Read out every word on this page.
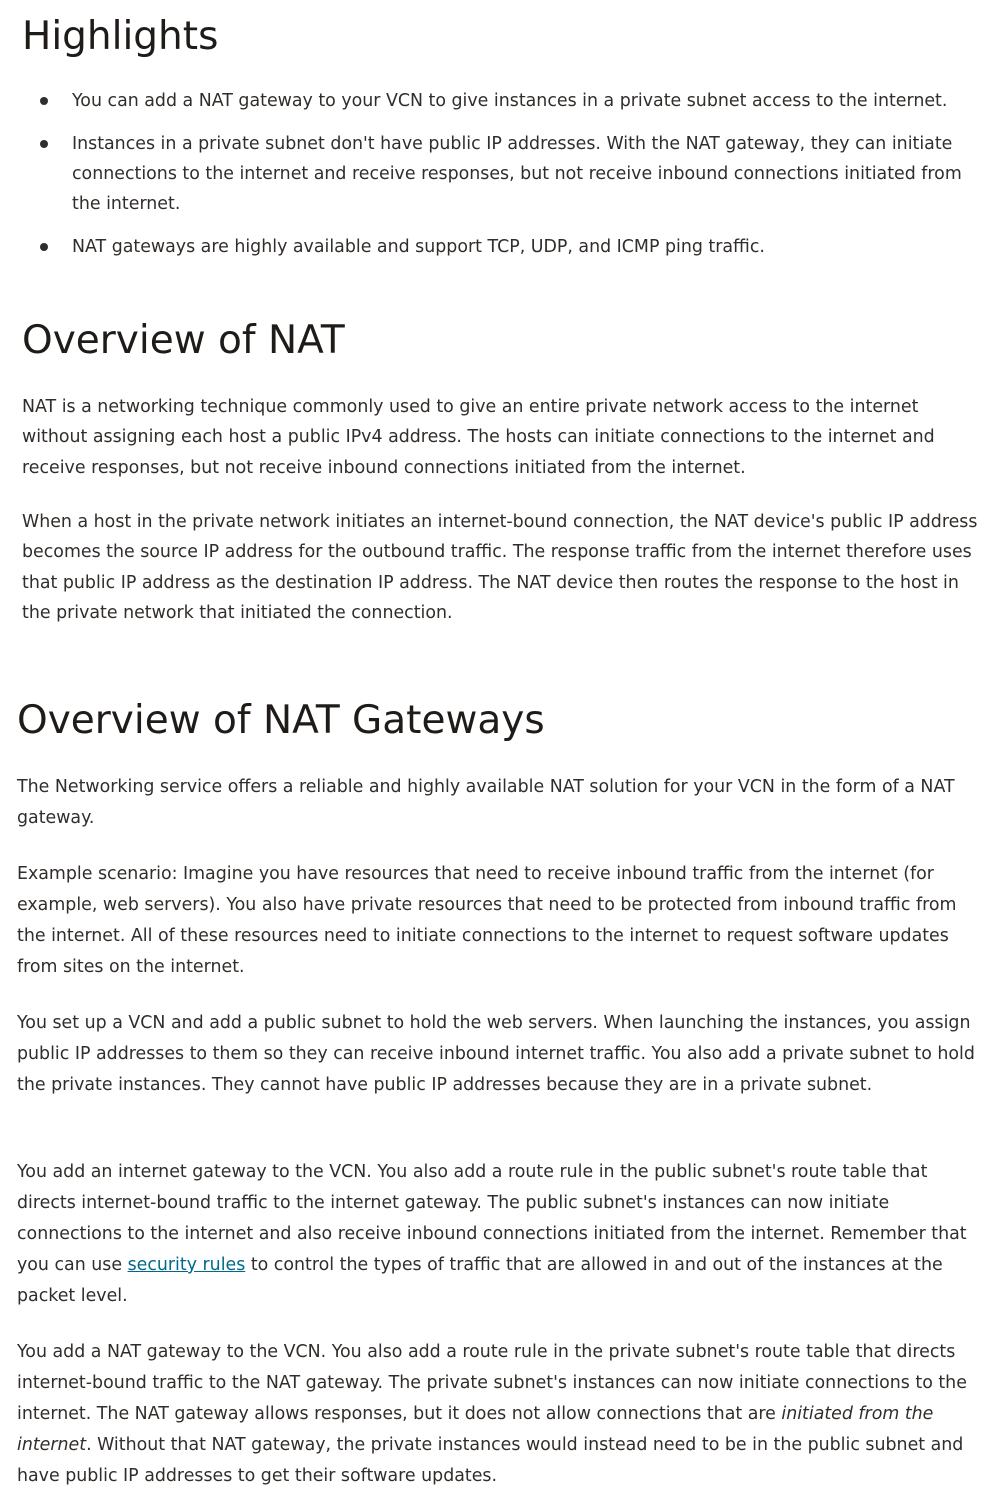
Highlights
You can add a NAT gateway to your VCN to give instances in a private subnet access to the internet.
Instances in a private subnet don't have public IP addresses. With the NAT gateway, they can initiate connections to the internet and receive responses, but not receive inbound connections initiated from the internet.
NAT gateways are highly available and support TCP, UDP, and ICMP ping traffic.
Overview of NAT

NAT is a networking technique commonly used to give an entire private network access to the internet without assigning each host a public IPv4 address. The hosts can initiate connections to the internet and receive responses, but not receive inbound connections initiated from the internet.

When a host in the private network initiates an internet-bound connection, the NAT device's public IP address becomes the source IP address for the outbound traffic. The response traffic from the internet therefore uses that public IP address as the destination IP address. The NAT device then routes the response to the host in the private network that initiated the connection.

Overview of NAT Gateways

The Networking service offers a reliable and highly available NAT solution for your VCN in the form of a NAT gateway.

Example scenario: Imagine you have resources that need to receive inbound traffic from the internet (for example, web servers). You also have private resources that need to be protected from inbound traffic from the internet. All of these resources need to initiate connections to the internet to request software updates from sites on the internet.

You set up a VCN and add a public subnet to hold the web servers. When launching the instances, you assign public IP addresses to them so they can receive inbound internet traffic. You also add a private subnet to hold the private instances. They cannot have public IP addresses because they are in a private subnet.

You add an internet gateway to the VCN. You also add a route rule in the public subnet's route table that directs internet-bound traffic to the internet gateway. The public subnet's instances can now initiate connections to the internet and also receive inbound connections initiated from the internet. Remember that you can use security rules to control the types of traffic that are allowed in and out of the instances at the packet level.

You add a NAT gateway to the VCN. You also add a route rule in the private subnet's route table that directs internet-bound traffic to the NAT gateway. The private subnet's instances can now initiate connections to the internet. The NAT gateway allows responses, but it does not allow connections that are initiated from the internet. Without that NAT gateway, the private instances would instead need to be in the public subnet and have public IP addresses to get their software updates.
